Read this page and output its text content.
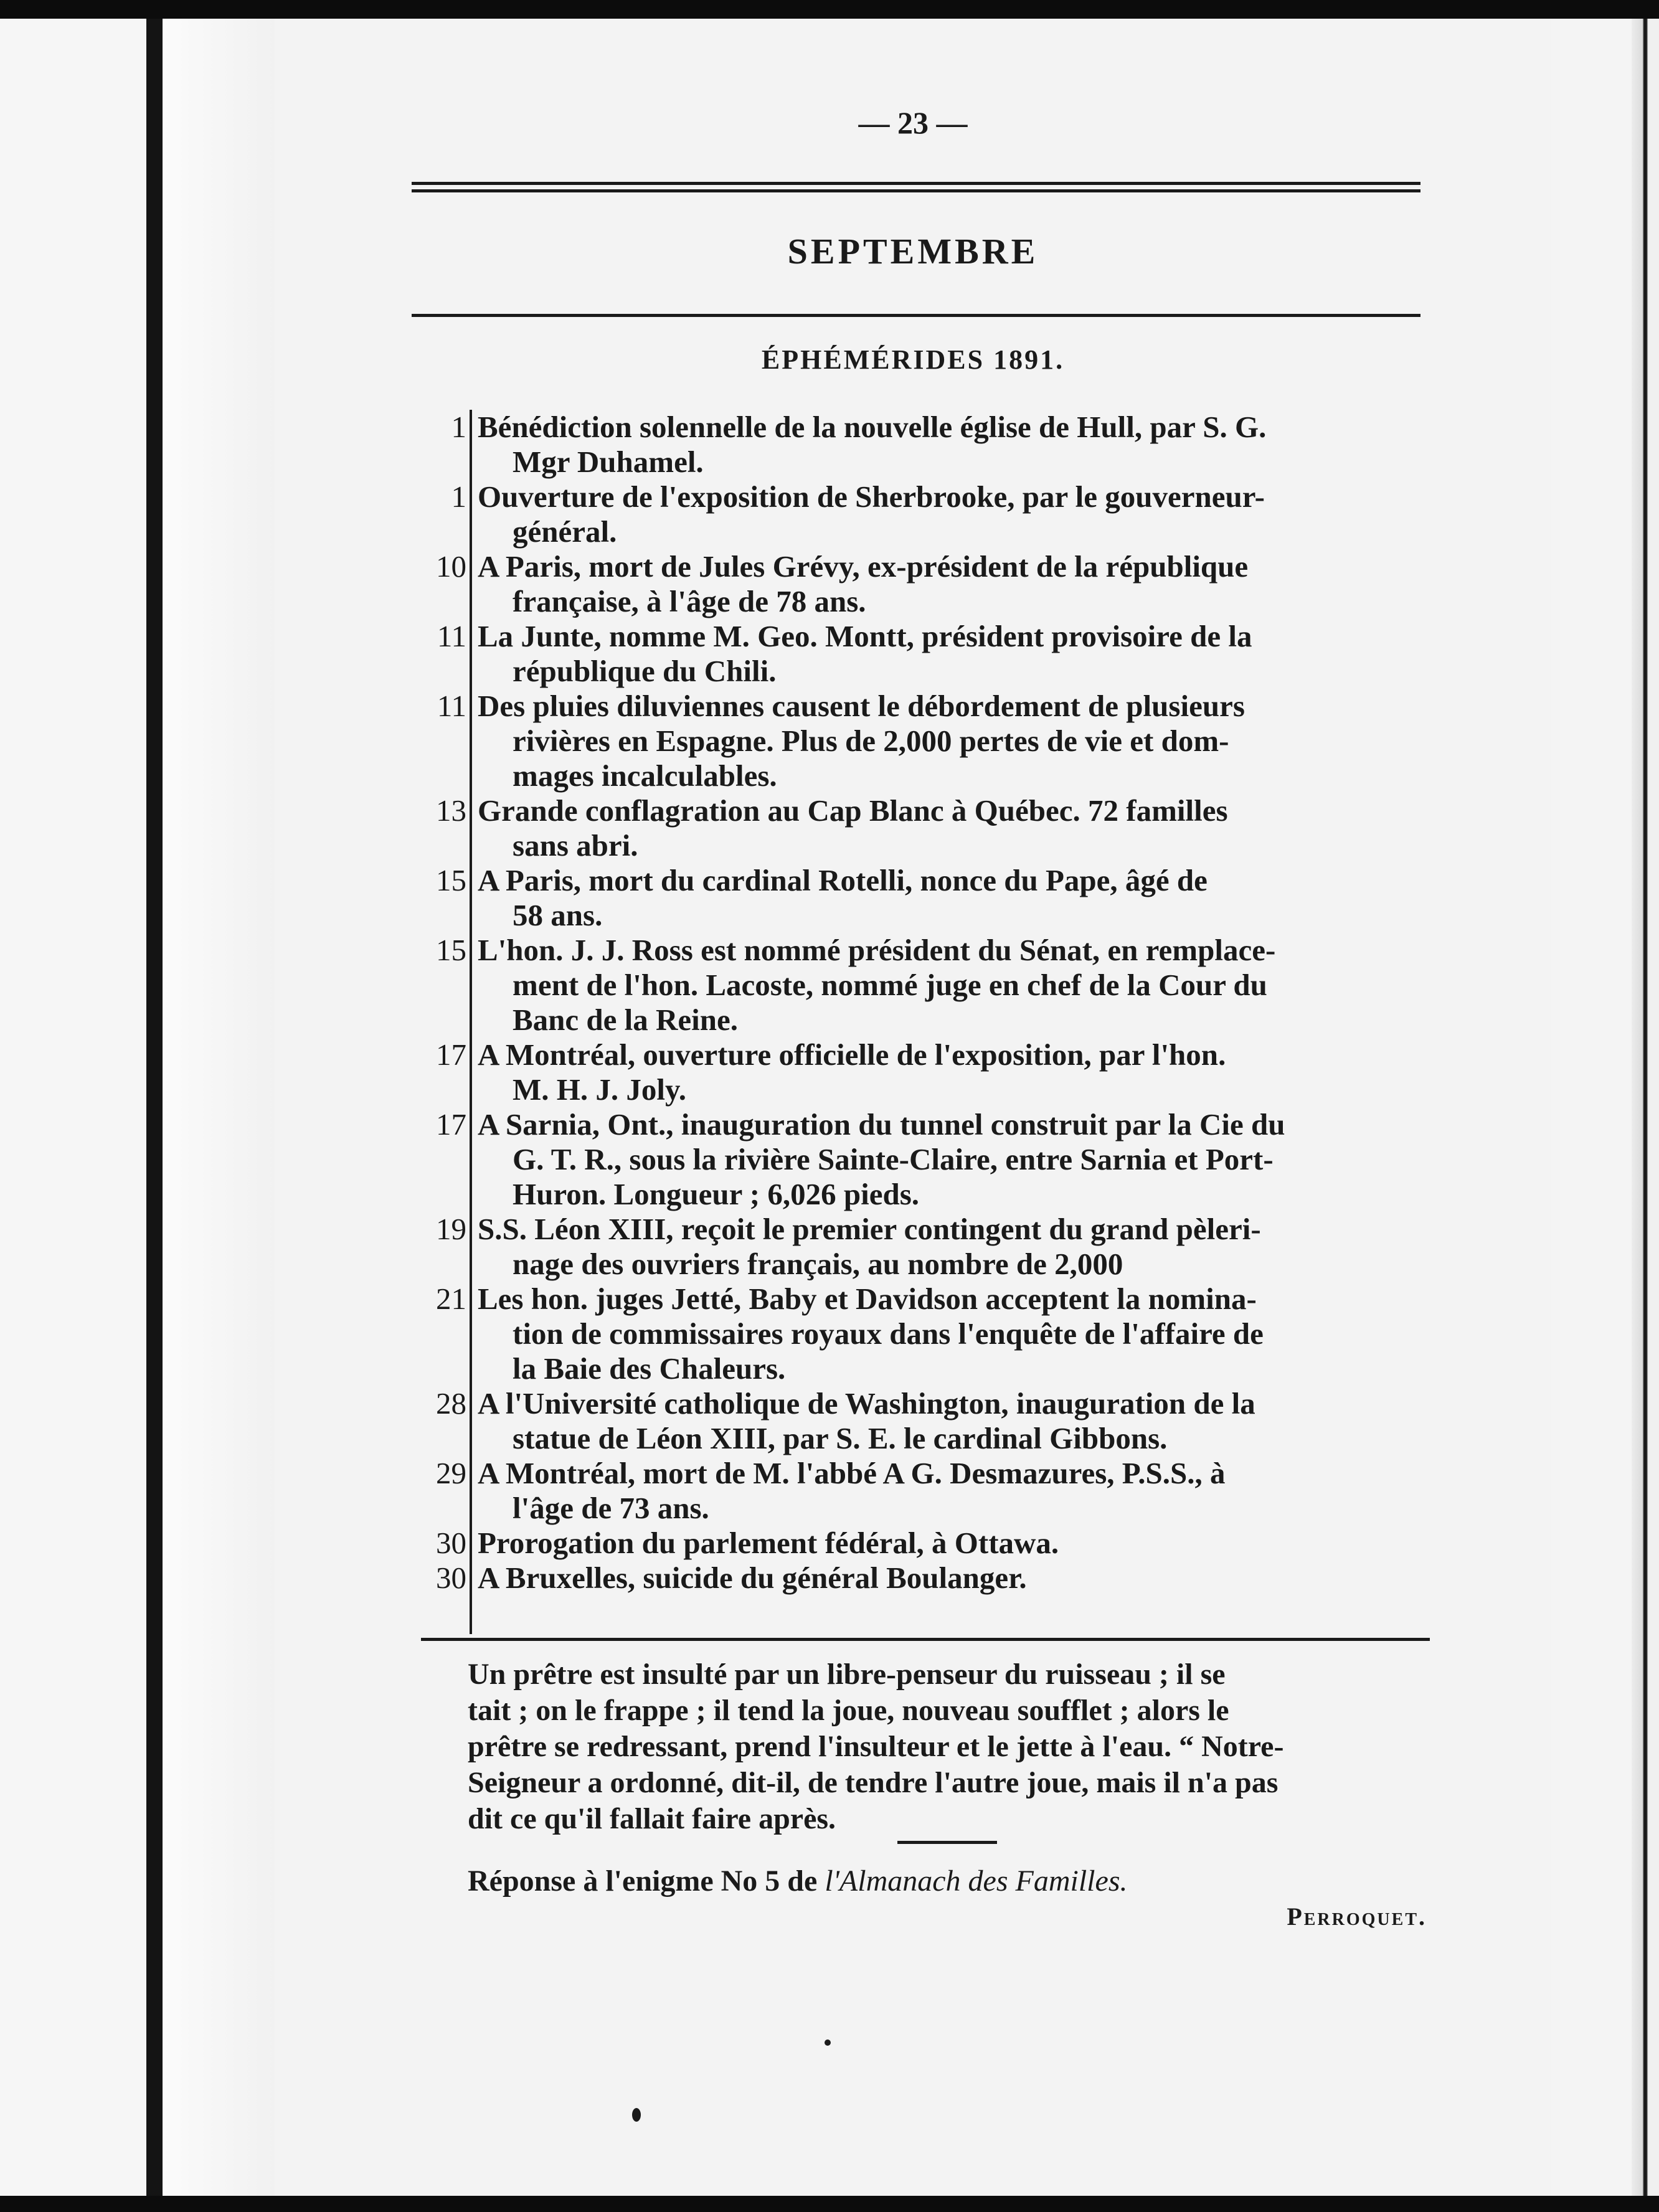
— 23 —
SEPTEMBRE
ÉPHÉMÉRIDES 1891.
1 Bénédiction solennelle de la nouvelle église de Hull, par S. G.
Mgr Duhamel.
1 Ouverture de l'exposition de Sherbrooke, par le gouverneur-
général.
10 A Paris, mort de Jules Grévy, ex-président de la république
française, à l'âge de 78 ans.
11 La Junte, nomme M. Geo. Montt, président provisoire de la
république du Chili.
11 Des pluies diluviennes causent le débordement de plusieurs
rivières en Espagne. Plus de 2,000 pertes de vie et dom-
mages incalculables.
13 Grande conflagration au Cap Blanc à Québec. 72 familles
sans abri.
15 A Paris, mort du cardinal Rotelli, nonce du Pape, âgé de
58 ans.
15 L'hon. J. J. Ross est nommé président du Sénat, en remplace-
ment de l'hon. Lacoste, nommé juge en chef de la Cour du
Banc de la Reine.
17 A Montréal, ouverture officielle de l'exposition, par l'hon.
M. H. J. Joly.
17 A Sarnia, Ont., inauguration du tunnel construit par la Cie du
G. T. R., sous la rivière Sainte-Claire, entre Sarnia et Port-
Huron. Longueur ; 6,026 pieds.
19 S.S. Léon XIII, reçoit le premier contingent du grand pèleri-
nage des ouvriers français, au nombre de 2,000
21 Les hon. juges Jetté, Baby et Davidson acceptent la nomina-
tion de commissaires royaux dans l'enquête de l'affaire de
la Baie des Chaleurs.
28 A l'Université catholique de Washington, inauguration de la
statue de Léon XIII, par S. E. le cardinal Gibbons.
29 A Montréal, mort de M. l'abbé A G. Desmazures, P.S.S., à
l'âge de 73 ans.
30 Prorogation du parlement fédéral, à Ottawa.
30 A Bruxelles, suicide du général Boulanger.
Un prêtre est insulté par un libre-penseur du ruisseau ; il se
tait ; on le frappe ; il tend la joue, nouveau soufflet ; alors le
prêtre se redressant, prend l'insulteur et le jette à l'eau. “ Notre-
Seigneur a ordonné, dit-il, de tendre l'autre joue, mais il n'a pas
dit ce qu'il fallait faire après.
Réponse à l'enigme No 5 de l'Almanach des Familles.
Perroquet.
